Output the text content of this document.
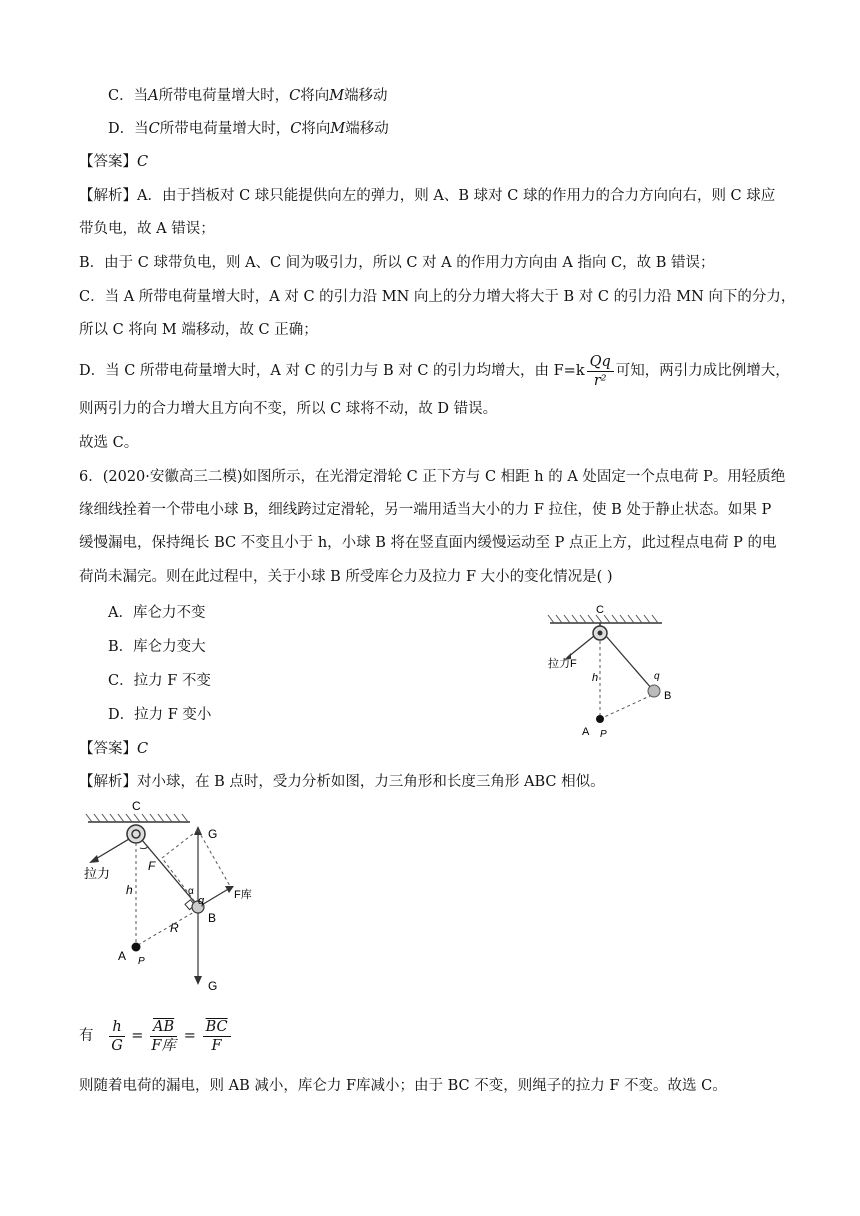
C．当A所带电荷量增大时，C将向M端移动
D．当C所带电荷量增大时，C将向M端移动
【答案】C
【解析】A．由于挡板对 C 球只能提供向左的弹力，则 A、B 球对 C 球的作用力的合力方向向右，则 C 球应
带负电，故 A 错误；
B．由于 C 球带负电，则 A、C 间为吸引力，所以 C 对 A 的作用力方向由 A 指向 C，故 B 错误；
C．当 A 所带电荷量增大时，A 对 C 的引力沿 MN 向上的分力增大将大于 B 对 C 的引力沿 MN 向下的分力，
所以 C 将向 M 端移动，故 C 正确；
D．当 C 所带电荷量增大时，A 对 C 的引力与 B 对 C 的引力均增大，由 $F=k \frac{Qq}{\text{r²}}$ 可知，两引力成比例增大，
则两引力的合力增大且方向不变，所以 C 球将不动，故 D 错误。
故选 C。
6．(2020·安徽高三二模)如图所示，在光滑定滑轮 C 正下方与 C 相距 h 的 A 处固定一个点电荷 P。用轻质绝
缘细线拴着一个带电小球 B，细线跨过定滑轮，另一端用适当大小的力 F 拉住，使 B 处于静止状态。如果 P
缓慢漏电，保持绳长 BC 不变且小于 h，小球 B 将在竖直面内缓慢运动至 P 点正上方，此过程点电荷 P 的电
荷尚未漏完。则在此过程中，关于小球 B 所受库仑力及拉力 F 大小的变化情况是( )
A．库仑力不变
B．库仑力变大
C．拉力 F 不变
D．拉力 F 变小
C
拉力F
h	q
B
A P
【答案】C
【解析】对小球，在 B 点时，受力分析如图，力三角形和长度三角形 ABC 相似。
C
拉力	F
h	α
q
B
R
A P
G
G
F库
有 $\frac{h}{G} = \frac{\overline{AB}}{\text{F库}} = \frac{\overline{BC}}{F}$
则随着电荷的漏电，则 AB 减小，库仑力 F库减小；由于 BC 不变，则绳子的拉力 F 不变。故选 C。
